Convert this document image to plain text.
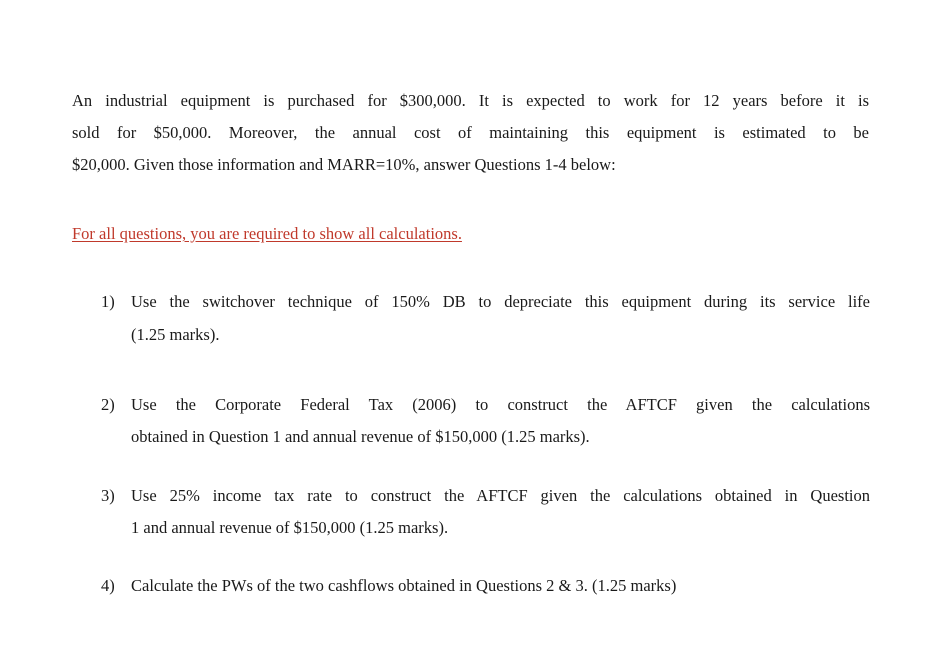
An industrial equipment is purchased for $300,000. It is expected to work for 12 years before it is
sold for $50,000. Moreover, the annual cost of maintaining this equipment is estimated to be
$20,000. Given those information and MARR=10%, answer Questions 1-4 below:
For all questions, you are required to show all calculations.
1) Use the switchover technique of 150% DB to depreciate this equipment during its service life
(1.25 marks).
2) Use the Corporate Federal Tax (2006) to construct the AFTCF given the calculations
obtained in Question 1 and annual revenue of $150,000 (1.25 marks).
3) Use 25% income tax rate to construct the AFTCF given the calculations obtained in Question
1 and annual revenue of $150,000 (1.25 marks).
4) Calculate the PWs of the two cashflows obtained in Questions 2 & 3. (1.25 marks)
